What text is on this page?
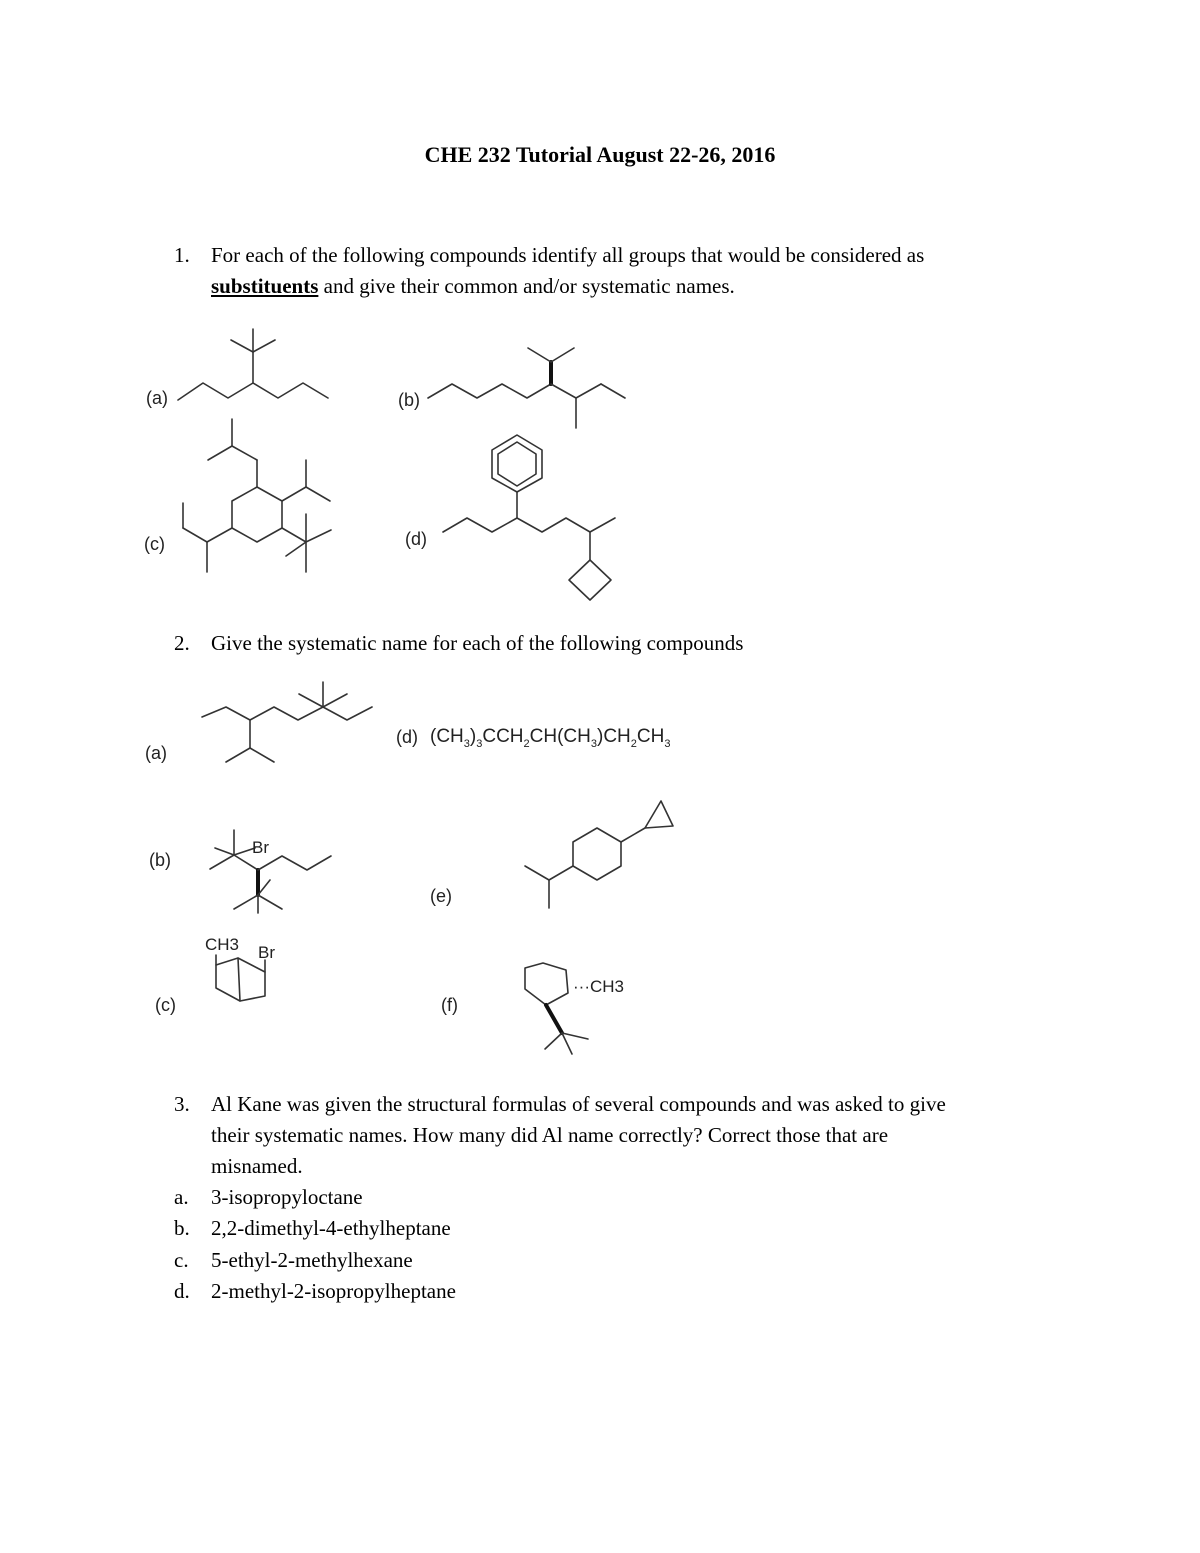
CHE 232 Tutorial August 22-26, 2016
1. For each of the following compounds identify all groups that would be considered as
substituents and give their common and/or systematic names.
(a)	(b)
(c)	(d)
2. Give the systematic name for each of the following compounds
(a)
(b)
(c)
(d)
(e)
(f)
$(CH_3)_3CCH_2CH(CH_3)CH_2CH_3$
Br
CH3 Br
···CH3
3. Al Kane was given the structural formulas of several compounds and was asked to give
their systematic names. How many did Al name correctly? Correct those that are
misnamed.
a. 3-isopropyloctane
b. 2,2-dimethyl-4-ethylheptane
c. 5-ethyl-2-methylhexane
d. 2-methyl-2-isopropylheptane
